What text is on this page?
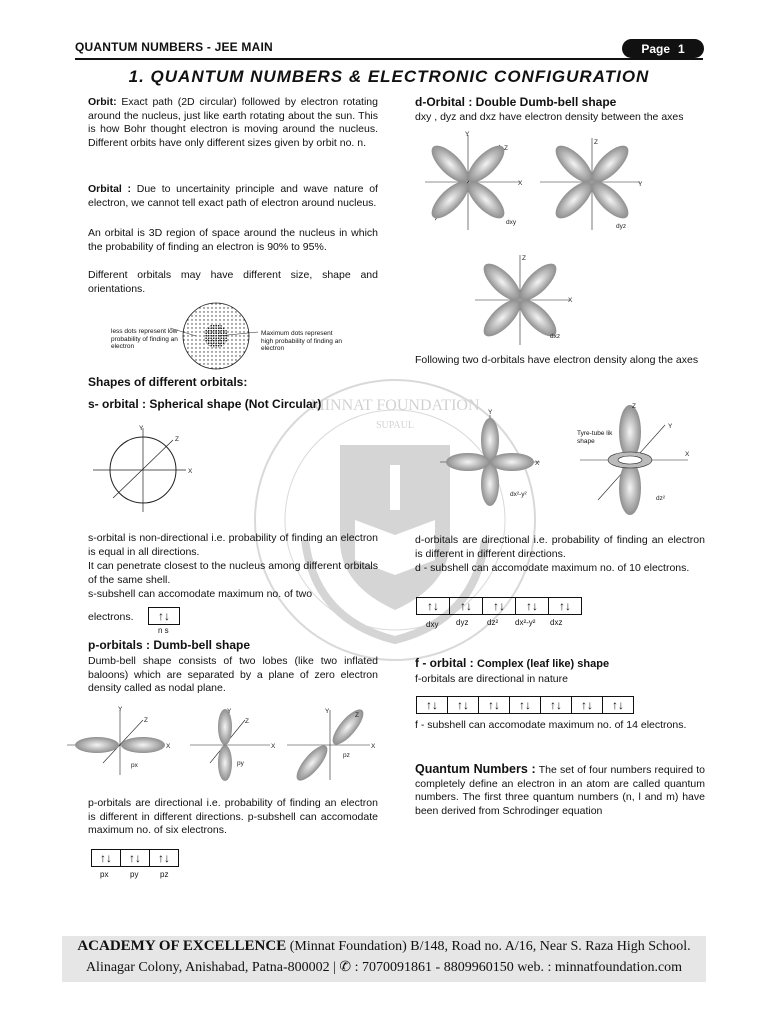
QUANTUM NUMBERS - JEE MAIN	Page 1
1. QUANTUM NUMBERS & ELECTRONIC CONFIGURATION
MINNAT FOUNDATION
SUPAUL
Orbit: Exact path (2D circular) followed by electron rotating around the nucleus, just like earth rotating about the sun. This is how Bohr thought electron is moving around the nucleus. Different orbits have only different sizes given by orbit no. n.
Orbital : Due to uncertainity principle and wave nature of electron, we cannot tell exact path of electron around nucleus.
An orbital is 3D region of space around the nucleus in which the probability of finding an electron is 90% to 95%.
Different orbitals may have different size, shape and orientations.
less dots represent low probability of finding an electron
Maximum dots represent high probability of finding an electron
Shapes of different orbitals:
s- orbital : Spherical shape (Not Circular)
Y
Z
X
s-orbital is non-directional i.e. probability of finding an electron is equal in all directions.
It can penetrate closest to the nucleus among different orbitals of the same shell.
s-subshell can accomodate maximum no. of two
electrons.	↑↓
n s
p-orbitals : Dumb-bell shape
Dumb-bell shape consists of two lobes (like two inflated baloons) which are separated by a plane of zero electron density called as nodal plane.
Y
Z
X
px
Y
Z
X
py
Y
Z
X
pz
p-orbitals are directional i.e. probability of finding an electron is different in different directions. p-subshell can accomodate maximum no. of six electrons.
↑↓	↑↓	↑↓
px	py	pz
d-Orbital : Double Dumb-bell shape
dxy , dyz and dxz have electron density between the axes
Y
Z
X
dxy
Z
Y
dyz
Z
X
dxz
Following two d-orbitals have electron density along the axes
Y
X
dx²-y²
Z
Y
X
dz²
Tyre-tube lik shape
d-orbitals are directional i.e. probability of finding an electron is different in different directions.
d - subshell can accomodate maximum no. of 10 electrons.
↑↓	↑↓	↑↓	↑↓	↑↓
dxy dyz dz² dx²-y² dxz
f - orbital : Complex (leaf like) shape
f-orbitals are directional in nature
↑↓	↑↓	↑↓	↑↓	↑↓	↑↓	↑↓
f - subshell can accomodate maximum no. of 14 electrons.
Quantum Numbers : The set of four numbers required to completely define an electron in an atom are called quantum numbers. The first three quantum numbers (n, l and m) have been derived from Schrodinger equation
ACADEMY OF EXCELLENCE (Minnat Foundation) B/148, Road no. A/16, Near S. Raza High School.
Alinagar Colony, Anishabad, Patna-800002 | ✆ : 7070091861 - 8809960150 web. : minnatfoundation.com
